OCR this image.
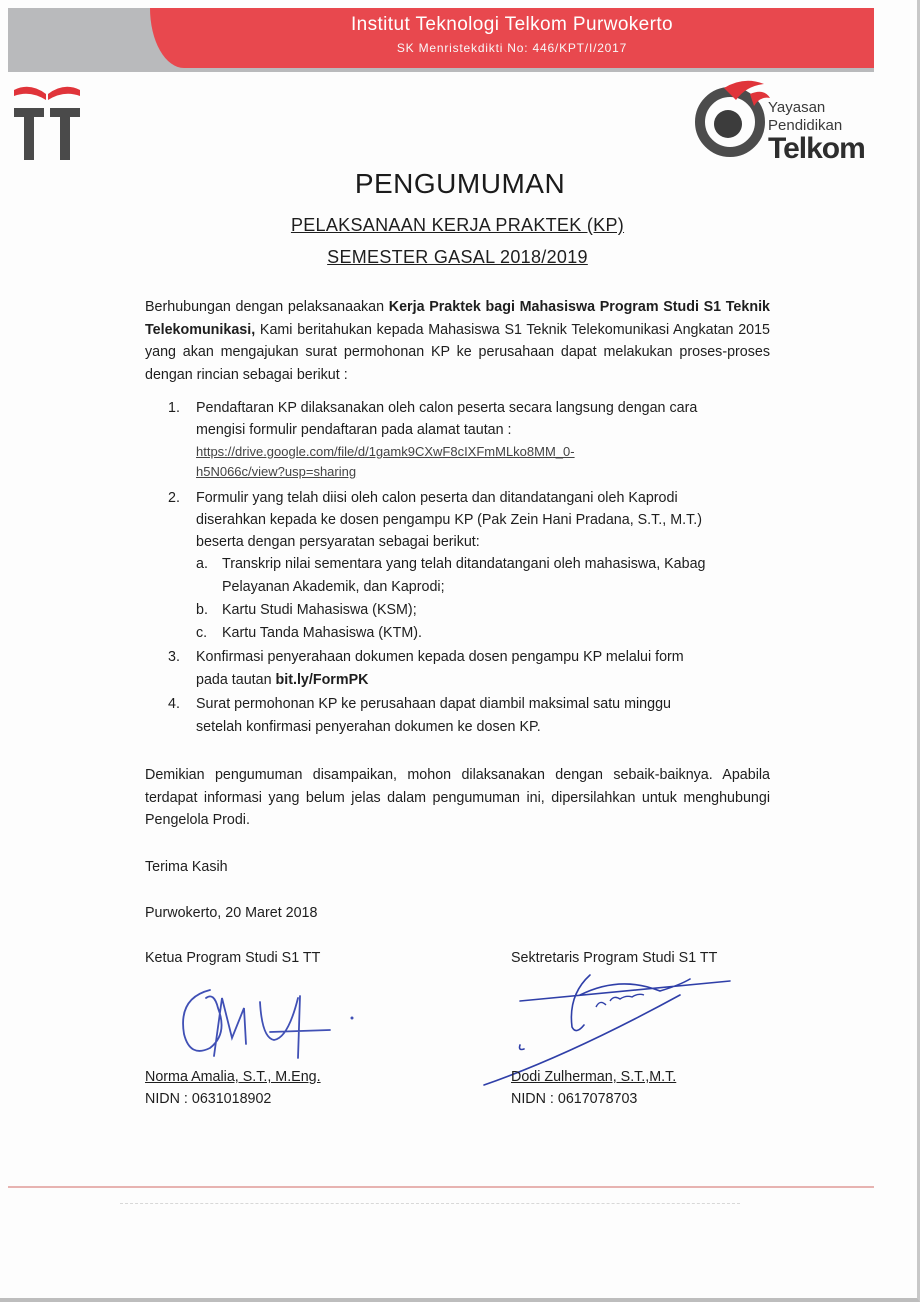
Institut Teknologi Telkom Purwokerto
SK Menristekdikti No: 446/KPT/I/2017
Yayasan
Pendidikan
Telkom
PENGUMUMAN
PELAKSANAAN KERJA PRAKTEK (KP)
SEMESTER GASAL 2018/2019
Berhubungan dengan pelaksanaakan Kerja Praktek bagi Mahasiswa Program Studi S1 Teknik Telekomunikasi, Kami beritahukan kepada Mahasiswa S1 Teknik Telekomunikasi Angkatan 2015 yang akan mengajukan surat permohonan KP ke perusahaan dapat melakukan proses-proses dengan rincian sebagai berikut :
1. Pendaftaran KP dilaksanakan oleh calon peserta secara langsung dengan cara
mengisi formulir pendaftaran pada alamat tautan :
https://drive.google.com/file/d/1gamk9CXwF8cIXFmMLko8MM_0-
h5N066c/view?usp=sharing
2. Formulir yang telah diisi oleh calon peserta dan ditandatangani oleh Kaprodi
diserahkan kepada ke dosen pengampu KP (Pak Zein Hani Pradana, S.T., M.T.)
beserta dengan persyaratan sebagai berikut:
a. Transkrip nilai sementara yang telah ditandatangani oleh mahasiswa, Kabag
Pelayanan Akademik, dan Kaprodi;
b. Kartu Studi Mahasiswa (KSM);
c. Kartu Tanda Mahasiswa (KTM).
3. Konfirmasi penyerahaan dokumen kepada dosen pengampu KP melalui form
pada tautan bit.ly/FormPK
4. Surat permohonan KP ke perusahaan dapat diambil maksimal satu minggu
setelah konfirmasi penyerahan dokumen ke dosen KP.
Demikian pengumuman disampaikan, mohon dilaksanakan dengan sebaik-baiknya. Apabila terdapat informasi yang belum jelas dalam pengumuman ini, dipersilahkan untuk menghubungi Pengelola Prodi.
Terima Kasih
Purwokerto, 20 Maret 2018
Ketua Program Studi S1 TT	Sektretaris Program Studi S1 TT
Norma Amalia, S.T., M.Eng.
NIDN : 0631018902
Dodi Zulherman, S.T.,M.T.
NIDN : 0617078703
